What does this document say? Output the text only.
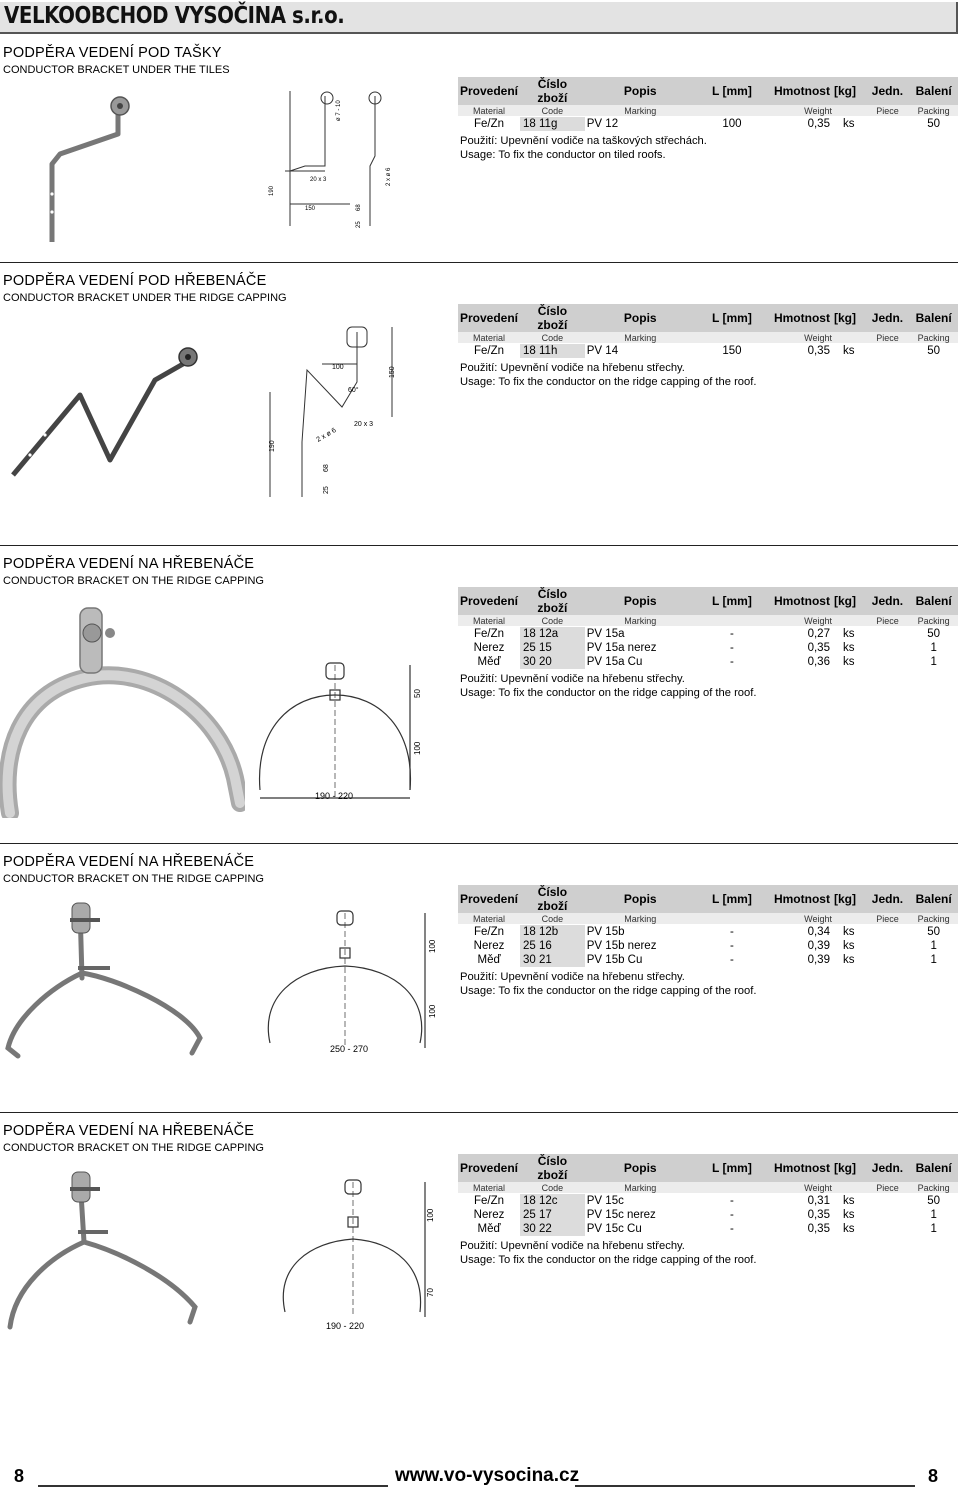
VELKOOBCHOD VYSOČINA s.r.o.
PODPĚRA VEDENÍ POD TAŠKY
CONDUCTOR BRACKET UNDER THE TILES
ø 7 - 10
20 x 3
150
190
2 x ø 6
68
25
Provedení	Číslo zboží	Popis	L [mm]	Hmotnost	[kg]	Jedn.	Balení
Material	Code	Marking		Weight		Piece	Packing
Fe/Zn	18 11g	PV 12	100	0,35	ks		50
Použití: Upevnění vodiče na taškových střechách.
Usage: To fix the conductor on tiled roofs.
PODPĚRA VEDENÍ POD HŘEBENÁČE
CONDUCTOR BRACKET UNDER THE RIDGE CAPPING
100	150
60°
20 x 3
2 x ø 6
190
68
25
Provedení	Číslo zboží	Popis	L [mm]	Hmotnost	[kg]	Jedn.	Balení
Material	Code	Marking		Weight		Piece	Packing
Fe/Zn	18 11h	PV 14	150	0,35	ks		50
Použití: Upevnění vodiče na hřebenu střechy.
Usage: To fix the conductor on the ridge capping of the roof.
PODPĚRA VEDENÍ NA HŘEBENÁČE
CONDUCTOR BRACKET ON THE RIDGE CAPPING
50
100
190 - 220
Provedení	Číslo zboží	Popis	L [mm]	Hmotnost	[kg]	Jedn.	Balení
Material	Code	Marking		Weight		Piece	Packing
Fe/Zn	18 12a	PV 15a	-	0,27	ks		50
Nerez	25 15	PV 15a nerez	-	0,35	ks		1
Měď	30 20	PV 15a Cu	-	0,36	ks		1
Použití: Upevnění vodiče na hřebenu střechy.
Usage: To fix the conductor on the ridge capping of the roof.
PODPĚRA VEDENÍ NA HŘEBENÁČE
CONDUCTOR BRACKET ON THE RIDGE CAPPING
100
100
250 - 270
Provedení	Číslo zboží	Popis	L [mm]	Hmotnost	[kg]	Jedn.	Balení
Material	Code	Marking		Weight		Piece	Packing
Fe/Zn	18 12b	PV 15b	-	0,34	ks		50
Nerez	25 16	PV 15b nerez	-	0,39	ks		1
Měď	30 21	PV 15b Cu	-	0,39	ks		1
Použití: Upevnění vodiče na hřebenu střechy.
Usage: To fix the conductor on the ridge capping of the roof.
PODPĚRA VEDENÍ NA HŘEBENÁČE
CONDUCTOR BRACKET ON THE RIDGE CAPPING
100
70
190 - 220
Provedení	Číslo zboží	Popis	L [mm]	Hmotnost	[kg]	Jedn.	Balení
Material	Code	Marking		Weight		Piece	Packing
Fe/Zn	18 12c	PV 15c	-	0,31	ks		50
Nerez	25 17	PV 15c nerez	-	0,35	ks		1
Měď	30 22	PV 15c Cu	-	0,35	ks		1
Použití: Upevnění vodiče na hřebenu střechy.
Usage: To fix the conductor on the ridge capping of the roof.
8	www.vo-vysocina.cz	8
